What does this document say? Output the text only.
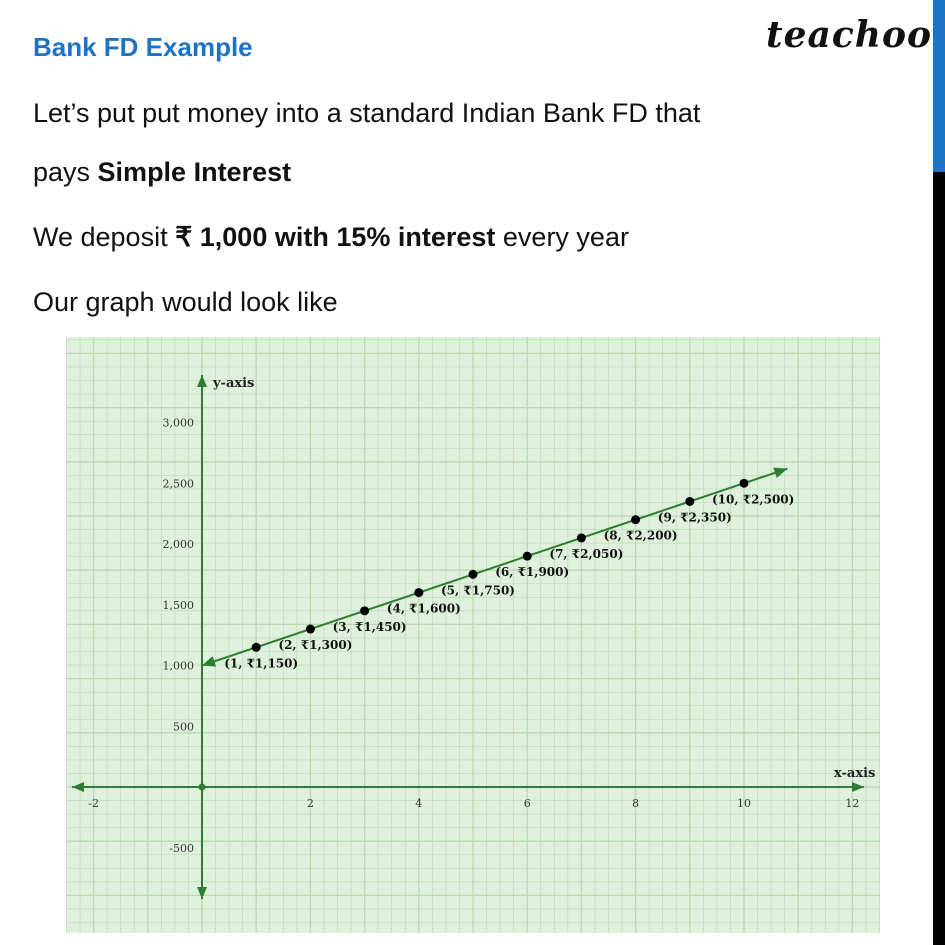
Bank FD Example	teachoo
Let’s put put money into a standard Indian Bank FD that
pays Simple Interest
We deposit ₹ 1,000 with 15% interest every year
Our graph would look like
y-axis
x-axis
-2	2	4	6	8	10	12
-500
500
1,000
1,500
2,000
2,500
3,000
(1, ₹1,150)
(2, ₹1,300)
(3, ₹1,450)
(4, ₹1,600)
(5, ₹1,750)
(6, ₹1,900)
(7, ₹2,050)
(8, ₹2,200)
(9, ₹2,350)
(10, ₹2,500)
